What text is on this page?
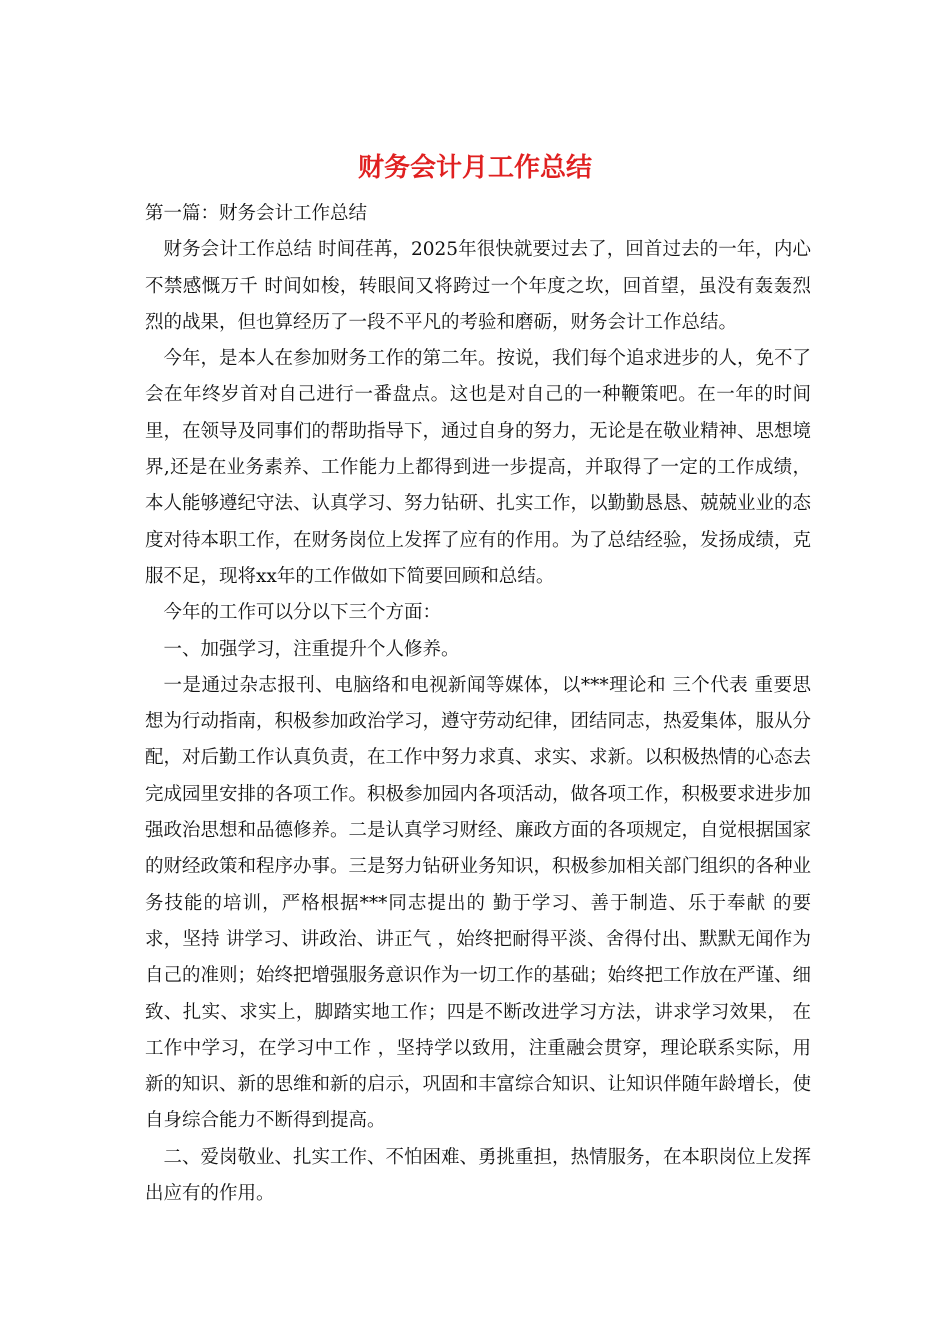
财务会计月工作总结

第一篇：财务会计工作总结

财务会计工作总结 时间荏苒，2025年很快就要过去了，回首过去的一年，内心不禁感慨万千 时间如梭，转眼间又将跨过一个年度之坎，回首望，虽没有轰轰烈烈的战果，但也算经历了一段不平凡的考验和磨砺，财务会计工作总结。

今年，是本人在参加财务工作的第二年。按说，我们每个追求进步的人，免不了会在年终岁首对自己进行一番盘点。这也是对自己的一种鞭策吧。在一年的时间里，在领导及同事们的帮助指导下，通过自身的努力，无论是在敬业精神、思想境界,还是在业务素养、工作能力上都得到进一步提高，并取得了一定的工作成绩，本人能够遵纪守法、认真学习、努力钻研、扎实工作，以勤勤恳恳、兢兢业业的态度对待本职工作，在财务岗位上发挥了应有的作用。为了总结经验，发扬成绩，克服不足，现将xx年的工作做如下简要回顾和总结。

今年的工作可以分以下三个方面：

一、加强学习，注重提升个人修养。

一是通过杂志报刊、电脑络和电视新闻等媒体，以***理论和 三个代表 重要思想为行动指南，积极参加政治学习，遵守劳动纪律，团结同志，热爱集体，服从分配，对后勤工作认真负责，在工作中努力求真、求实、求新。以积极热情的心态去完成园里安排的各项工作。积极参加园内各项活动，做各项工作，积极要求进步加强政治思想和品德修养。二是认真学习财经、廉政方面的各项规定，自觉根据国家的财经政策和程序办事。三是努力钻研业务知识，积极参加相关部门组织的各种业务技能的培训，严格根据***同志提出的 勤于学习、善于制造、乐于奉献 的要求，坚持 讲学习、讲政治、讲正气 ，始终把耐得平淡、舍得付出、默默无闻作为自己的准则；始终把增强服务意识作为一切工作的基础；始终把工作放在严谨、细致、扎实、求实上，脚踏实地工作；四是不断改进学习方法，讲求学习效果， 在工作中学习，在学习中工作 ，坚持学以致用，注重融会贯穿，理论联系实际，用新的知识、新的思维和新的启示，巩固和丰富综合知识、让知识伴随年龄增长，使自身综合能力不断得到提高。

二、爱岗敬业、扎实工作、不怕困难、勇挑重担，热情服务，在本职岗位上发挥出应有的作用。
